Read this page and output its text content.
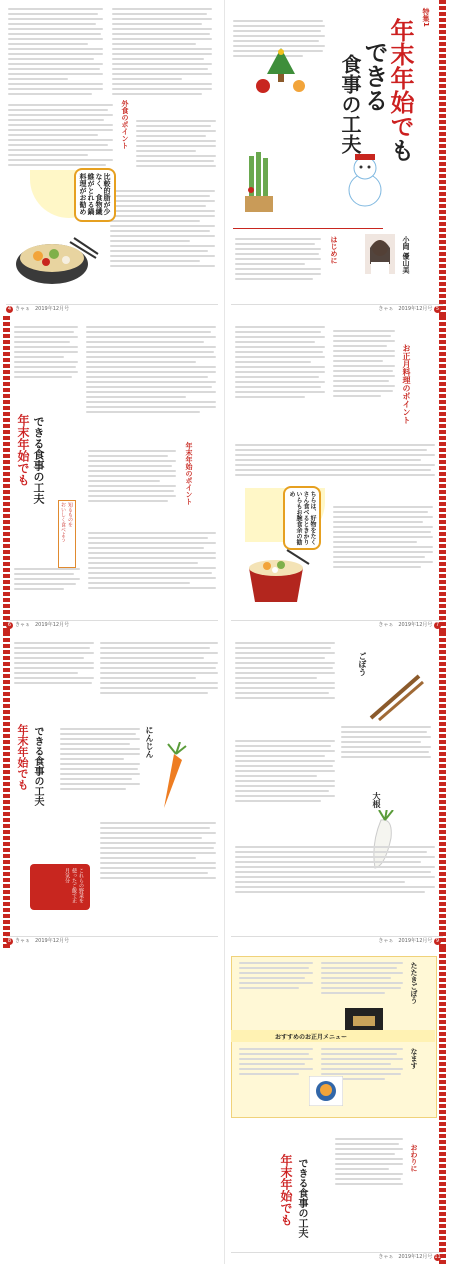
外食のポイント
比較的脂が少なく、食物繊維がとれる鍋料理がお勧め
4 きゃぁ　2019年12月号
年末年始でも
できる
食事の工夫
特集1
はじめに	小岡 優山美
きゃぁ　2019年12月号 5
年末年始でも できる食事の工夫	年末年始のポイント
知るものを
おいしく食べよう
6 きゃぁ　2019年12月号
お正月料理のポイント
ちらは、好物をたくさん食べるときかりいらもお腕食余の勧め
きゃぁ　2019年12月号 7
年末年始でも できる食事の工夫	にんじん
これらの野菜を使ったご飯で正月気分
8 きゃぁ　2019年12月号
ごぼう
大根
きゃぁ　2019年12月号 9
たたきごぼう
おすすめのお正月メニュー
なます
おわりに
年末年始でも できる食事の工夫
きゃぁ　2019年12月号 11
